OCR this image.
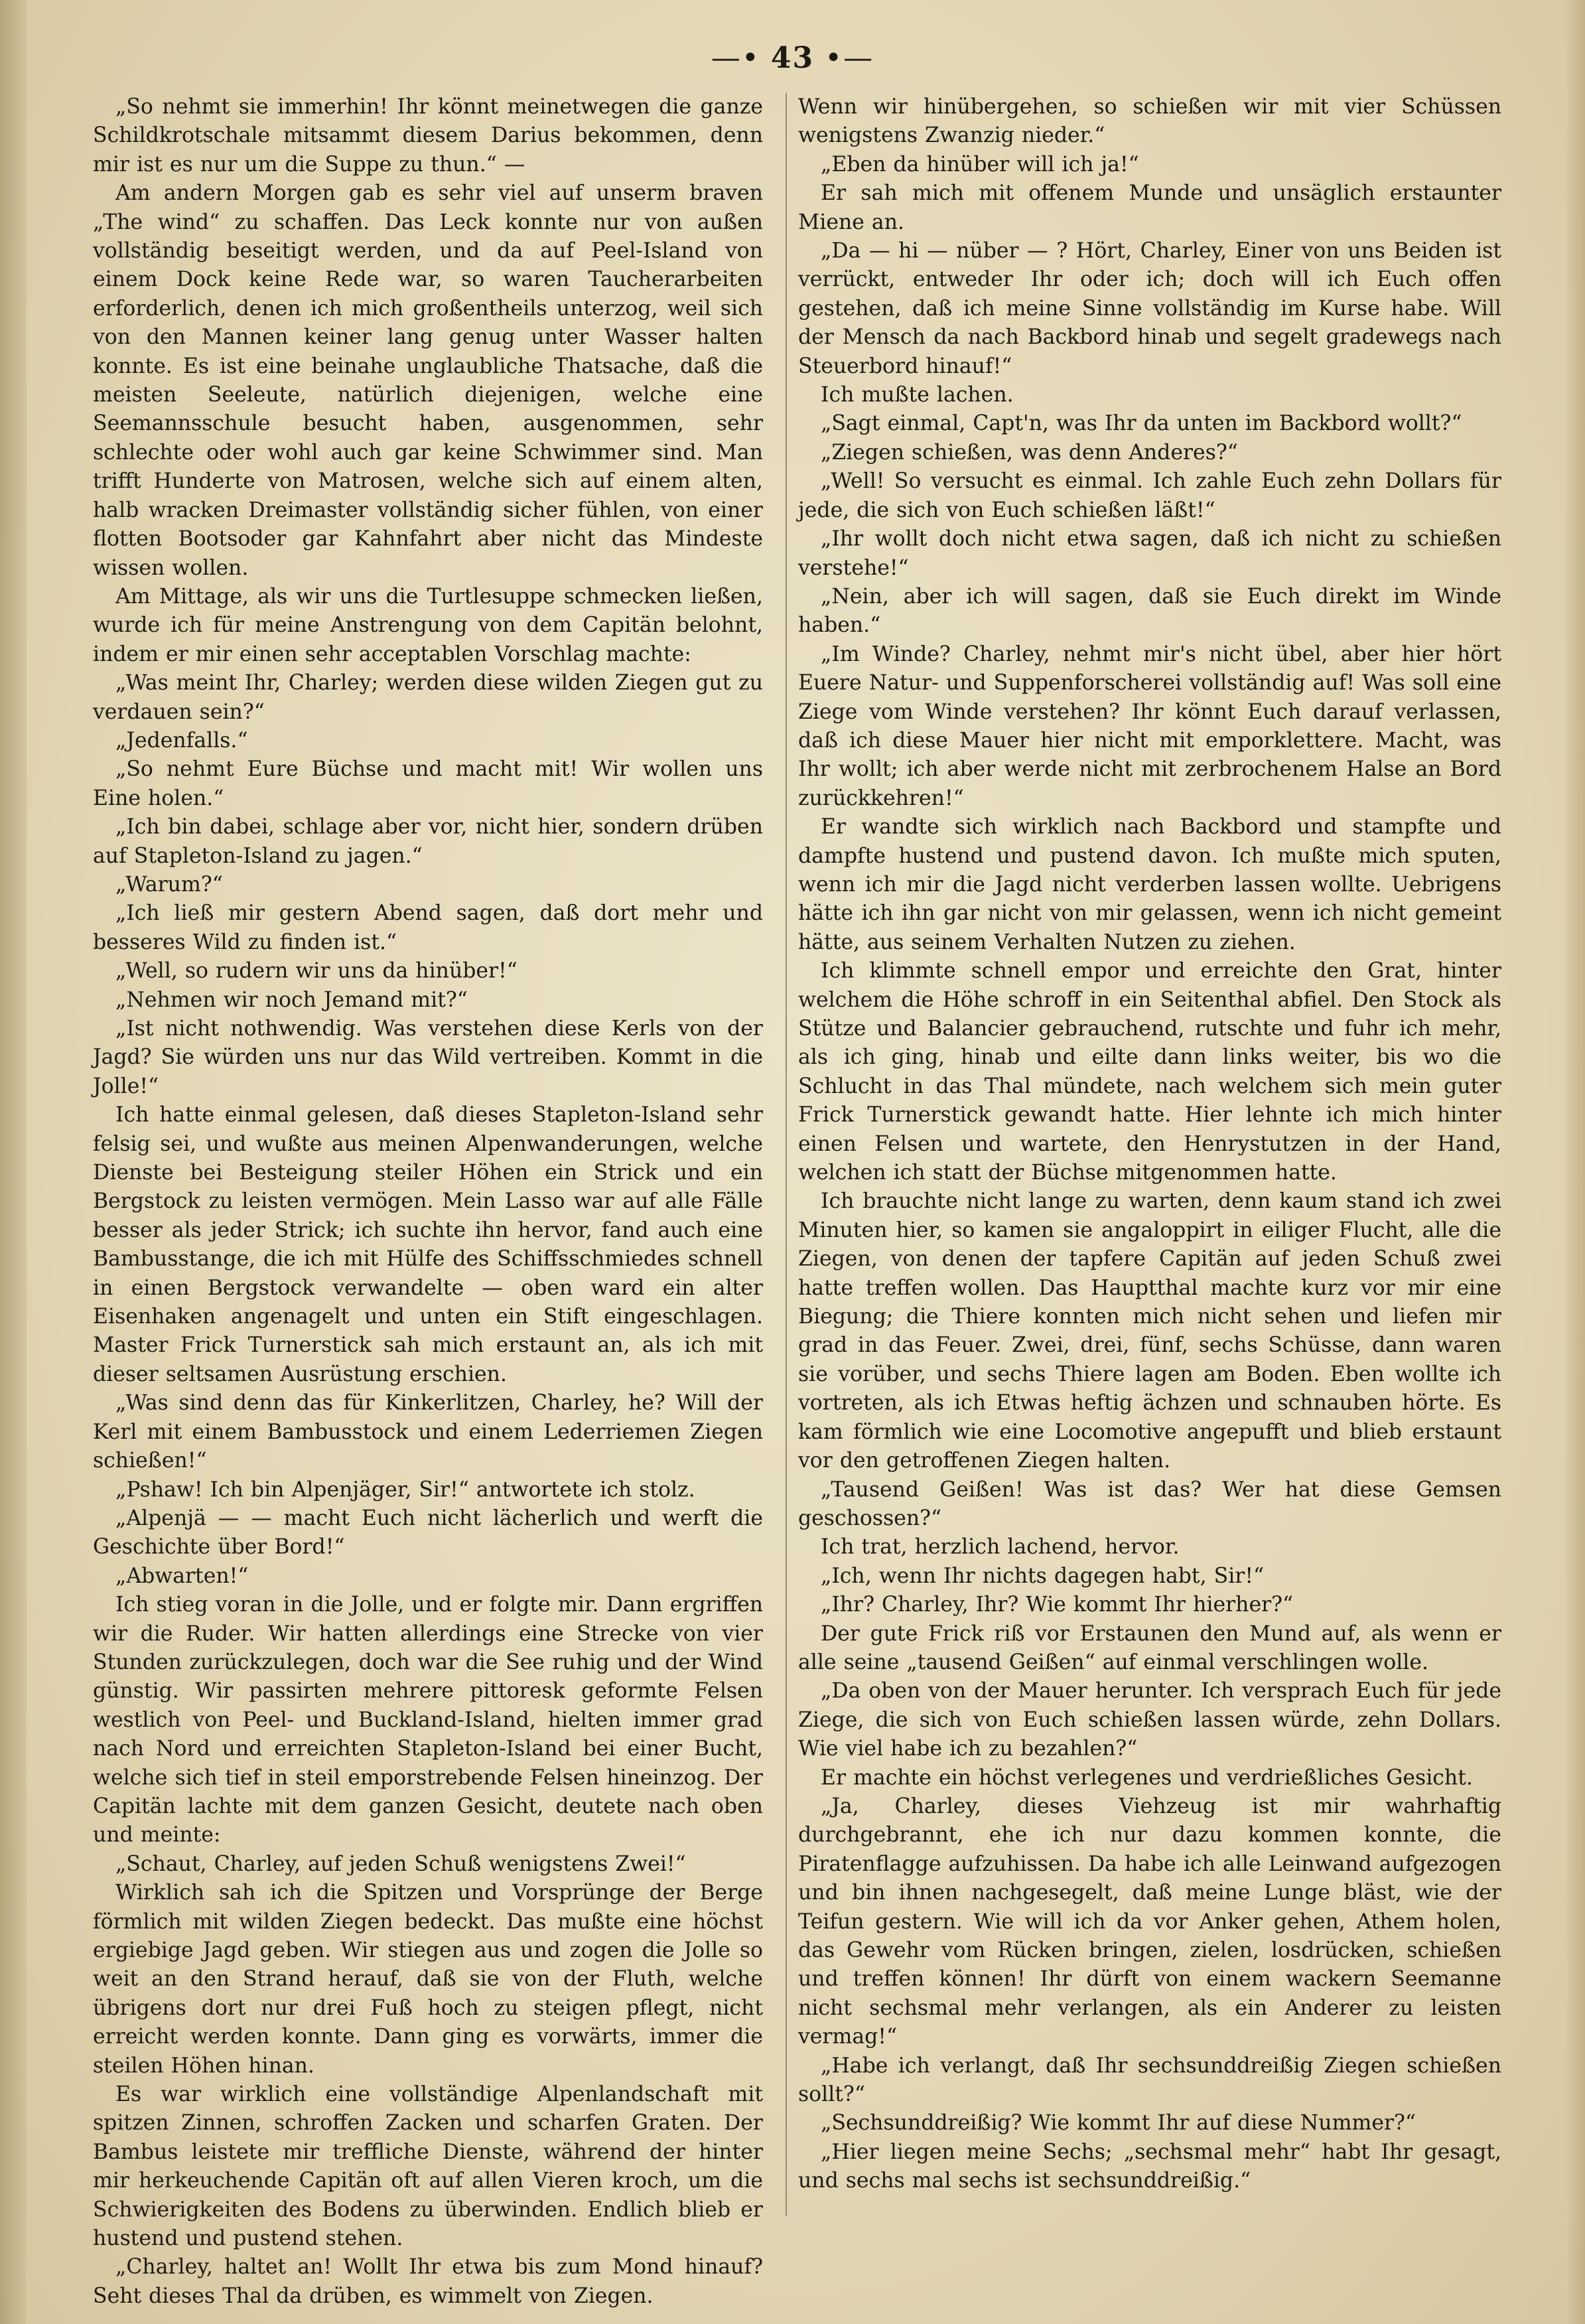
—• 43 •—

„So nehmt sie immerhin! Ihr könnt meinetwegen die ganze Schildkrotschale mitsammt diesem Darius bekommen, denn mir ist es nur um die Suppe zu thun.“ —

Am andern Morgen gab es sehr viel auf unserm braven „The wind“ zu schaffen. Das Leck konnte nur von außen vollständig beseitigt werden, und da auf Peel-Island von einem Dock keine Rede war, so waren Taucherarbeiten erforderlich, denen ich mich großentheils unterzog, weil sich von den Mannen keiner lang genug unter Wasser halten konnte. Es ist eine beinahe unglaubliche Thatsache, daß die meisten Seeleute, natürlich diejenigen, welche eine Seemannsschule besucht haben, ausgenommen, sehr schlechte oder wohl auch gar keine Schwimmer sind. Man trifft Hunderte von Matrosen, welche sich auf einem alten, halb wracken Dreimaster vollständig sicher fühlen, von einer flotten Bootsoder gar Kahnfahrt aber nicht das Mindeste wissen wollen.

Am Mittage, als wir uns die Turtlesuppe schmecken ließen, wurde ich für meine Anstrengung von dem Capitän belohnt, indem er mir einen sehr acceptablen Vorschlag machte:

„Was meint Ihr, Charley; werden diese wilden Ziegen gut zu verdauen sein?“

„Jedenfalls.“

„So nehmt Eure Büchse und macht mit! Wir wollen uns Eine holen.“

„Ich bin dabei, schlage aber vor, nicht hier, sondern drüben auf Stapleton-Island zu jagen.“

„Warum?“

„Ich ließ mir gestern Abend sagen, daß dort mehr und besseres Wild zu finden ist.“

„Well, so rudern wir uns da hinüber!“

„Nehmen wir noch Jemand mit?“

„Ist nicht nothwendig. Was verstehen diese Kerls von der Jagd? Sie würden uns nur das Wild vertreiben. Kommt in die Jolle!“

Ich hatte einmal gelesen, daß dieses Stapleton-Island sehr felsig sei, und wußte aus meinen Alpenwanderungen, welche Dienste bei Besteigung steiler Höhen ein Strick und ein Bergstock zu leisten vermögen. Mein Lasso war auf alle Fälle besser als jeder Strick; ich suchte ihn hervor, fand auch eine Bambusstange, die ich mit Hülfe des Schiffsschmiedes schnell in einen Bergstock verwandelte — oben ward ein alter Eisenhaken angenagelt und unten ein Stift eingeschlagen. Master Frick Turnerstick sah mich erstaunt an, als ich mit dieser seltsamen Ausrüstung erschien.

„Was sind denn das für Kinkerlitzen, Charley, he? Will der Kerl mit einem Bambusstock und einem Lederriemen Ziegen schießen!“

„Pshaw! Ich bin Alpenjäger, Sir!“ antwortete ich stolz.

„Alpenjä — — macht Euch nicht lächerlich und werft die Geschichte über Bord!“

„Abwarten!“

Ich stieg voran in die Jolle, und er folgte mir. Dann ergriffen wir die Ruder. Wir hatten allerdings eine Strecke von vier Stunden zurückzulegen, doch war die See ruhig und der Wind günstig. Wir passirten mehrere pittoresk geformte Felsen westlich von Peel- und Buckland-Island, hielten immer grad nach Nord und erreichten Stapleton-Island bei einer Bucht, welche sich tief in steil emporstrebende Felsen hineinzog. Der Capitän lachte mit dem ganzen Gesicht, deutete nach oben und meinte:

„Schaut, Charley, auf jeden Schuß wenigstens Zwei!“

Wirklich sah ich die Spitzen und Vorsprünge der Berge förmlich mit wilden Ziegen bedeckt. Das mußte eine höchst ergiebige Jagd geben. Wir stiegen aus und zogen die Jolle so weit an den Strand herauf, daß sie von der Fluth, welche übrigens dort nur drei Fuß hoch zu steigen pflegt, nicht erreicht werden konnte. Dann ging es vorwärts, immer die steilen Höhen hinan.

Es war wirklich eine vollständige Alpenlandschaft mit spitzen Zinnen, schroffen Zacken und scharfen Graten. Der Bambus leistete mir treffliche Dienste, während der hinter mir herkeuchende Capitän oft auf allen Vieren kroch, um die Schwierigkeiten des Bodens zu überwinden. Endlich blieb er hustend und pustend stehen.

„Charley, haltet an! Wollt Ihr etwa bis zum Mond hinauf? Seht dieses Thal da drüben, es wimmelt von Ziegen.

Wenn wir hinübergehen, so schießen wir mit vier Schüssen wenigstens Zwanzig nieder.“

„Eben da hinüber will ich ja!“

Er sah mich mit offenem Munde und unsäglich erstaunter Miene an.

„Da — hi — nüber — ? Hört, Charley, Einer von uns Beiden ist verrückt, entweder Ihr oder ich; doch will ich Euch offen gestehen, daß ich meine Sinne vollständig im Kurse habe. Will der Mensch da nach Backbord hinab und segelt gradewegs nach Steuerbord hinauf!“

Ich mußte lachen.

„Sagt einmal, Capt'n, was Ihr da unten im Backbord wollt?“

„Ziegen schießen, was denn Anderes?“

„Well! So versucht es einmal. Ich zahle Euch zehn Dollars für jede, die sich von Euch schießen läßt!“

„Ihr wollt doch nicht etwa sagen, daß ich nicht zu schießen verstehe!“

„Nein, aber ich will sagen, daß sie Euch direkt im Winde haben.“

„Im Winde? Charley, nehmt mir's nicht übel, aber hier hört Euere Natur- und Suppenforscherei vollständig auf! Was soll eine Ziege vom Winde verstehen? Ihr könnt Euch darauf verlassen, daß ich diese Mauer hier nicht mit emporklettere. Macht, was Ihr wollt; ich aber werde nicht mit zerbrochenem Halse an Bord zurückkehren!“

Er wandte sich wirklich nach Backbord und stampfte und dampfte hustend und pustend davon. Ich mußte mich sputen, wenn ich mir die Jagd nicht verderben lassen wollte. Uebrigens hätte ich ihn gar nicht von mir gelassen, wenn ich nicht gemeint hätte, aus seinem Verhalten Nutzen zu ziehen.

Ich klimmte schnell empor und erreichte den Grat, hinter welchem die Höhe schroff in ein Seitenthal abfiel. Den Stock als Stütze und Balancier gebrauchend, rutschte und fuhr ich mehr, als ich ging, hinab und eilte dann links weiter, bis wo die Schlucht in das Thal mündete, nach welchem sich mein guter Frick Turnerstick gewandt hatte. Hier lehnte ich mich hinter einen Felsen und wartete, den Henrystutzen in der Hand, welchen ich statt der Büchse mitgenommen hatte.

Ich brauchte nicht lange zu warten, denn kaum stand ich zwei Minuten hier, so kamen sie angaloppirt in eiliger Flucht, alle die Ziegen, von denen der tapfere Capitän auf jeden Schuß zwei hatte treffen wollen. Das Hauptthal machte kurz vor mir eine Biegung; die Thiere konnten mich nicht sehen und liefen mir grad in das Feuer. Zwei, drei, fünf, sechs Schüsse, dann waren sie vorüber, und sechs Thiere lagen am Boden. Eben wollte ich vortreten, als ich Etwas heftig ächzen und schnauben hörte. Es kam förmlich wie eine Locomotive angepufft und blieb erstaunt vor den getroffenen Ziegen halten.

„Tausend Geißen! Was ist das? Wer hat diese Gemsen geschossen?“

Ich trat, herzlich lachend, hervor.

„Ich, wenn Ihr nichts dagegen habt, Sir!“

„Ihr? Charley, Ihr? Wie kommt Ihr hierher?“

Der gute Frick riß vor Erstaunen den Mund auf, als wenn er alle seine „tausend Geißen“ auf einmal verschlingen wolle.

„Da oben von der Mauer herunter. Ich versprach Euch für jede Ziege, die sich von Euch schießen lassen würde, zehn Dollars. Wie viel habe ich zu bezahlen?“

Er machte ein höchst verlegenes und verdrießliches Gesicht.

„Ja, Charley, dieses Viehzeug ist mir wahrhaftig durchgebrannt, ehe ich nur dazu kommen konnte, die Piratenflagge aufzuhissen. Da habe ich alle Leinwand aufgezogen und bin ihnen nachgesegelt, daß meine Lunge bläst, wie der Teifun gestern. Wie will ich da vor Anker gehen, Athem holen, das Gewehr vom Rücken bringen, zielen, losdrücken, schießen und treffen können! Ihr dürft von einem wackern Seemanne nicht sechsmal mehr verlangen, als ein Anderer zu leisten vermag!“

„Habe ich verlangt, daß Ihr sechsunddreißig Ziegen schießen sollt?“

„Sechsunddreißig? Wie kommt Ihr auf diese Nummer?“

„Hier liegen meine Sechs; „sechsmal mehr“ habt Ihr gesagt, und sechs mal sechs ist sechsunddreißig.“
